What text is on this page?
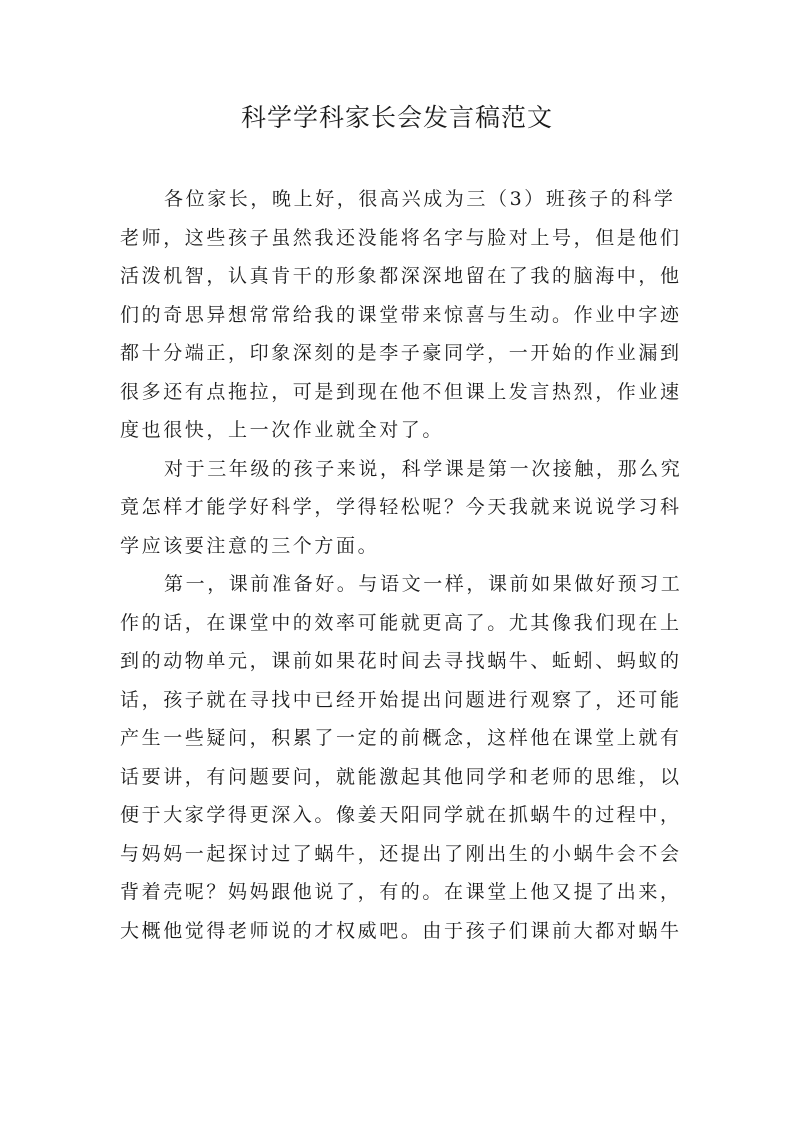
科学学科家长会发言稿范文

各位家长，晚上好，很高兴成为三（3）班孩子的科学
老师，这些孩子虽然我还没能将名字与脸对上号，但是他们
活泼机智，认真肯干的形象都深深地留在了我的脑海中，他
们的奇思异想常常给我的课堂带来惊喜与生动。作业中字迹
都十分端正，印象深刻的是李子豪同学，一开始的作业漏到
很多还有点拖拉，可是到现在他不但课上发言热烈，作业速
度也很快，上一次作业就全对了。

对于三年级的孩子来说，科学课是第一次接触，那么究
竟怎样才能学好科学，学得轻松呢？今天我就来说说学习科
学应该要注意的三个方面。

第一，课前准备好。与语文一样，课前如果做好预习工
作的话，在课堂中的效率可能就更高了。尤其像我们现在上
到的动物单元，课前如果花时间去寻找蜗牛、蚯蚓、蚂蚁的
话，孩子就在寻找中已经开始提出问题进行观察了，还可能
产生一些疑问，积累了一定的前概念，这样他在课堂上就有
话要讲，有问题要问，就能激起其他同学和老师的思维，以
便于大家学得更深入。像姜天阳同学就在抓蜗牛的过程中，
与妈妈一起探讨过了蜗牛，还提出了刚出生的小蜗牛会不会
背着壳呢？妈妈跟他说了，有的。在课堂上他又提了出来，
大概他觉得老师说的才权威吧。由于孩子们课前大都对蜗牛
